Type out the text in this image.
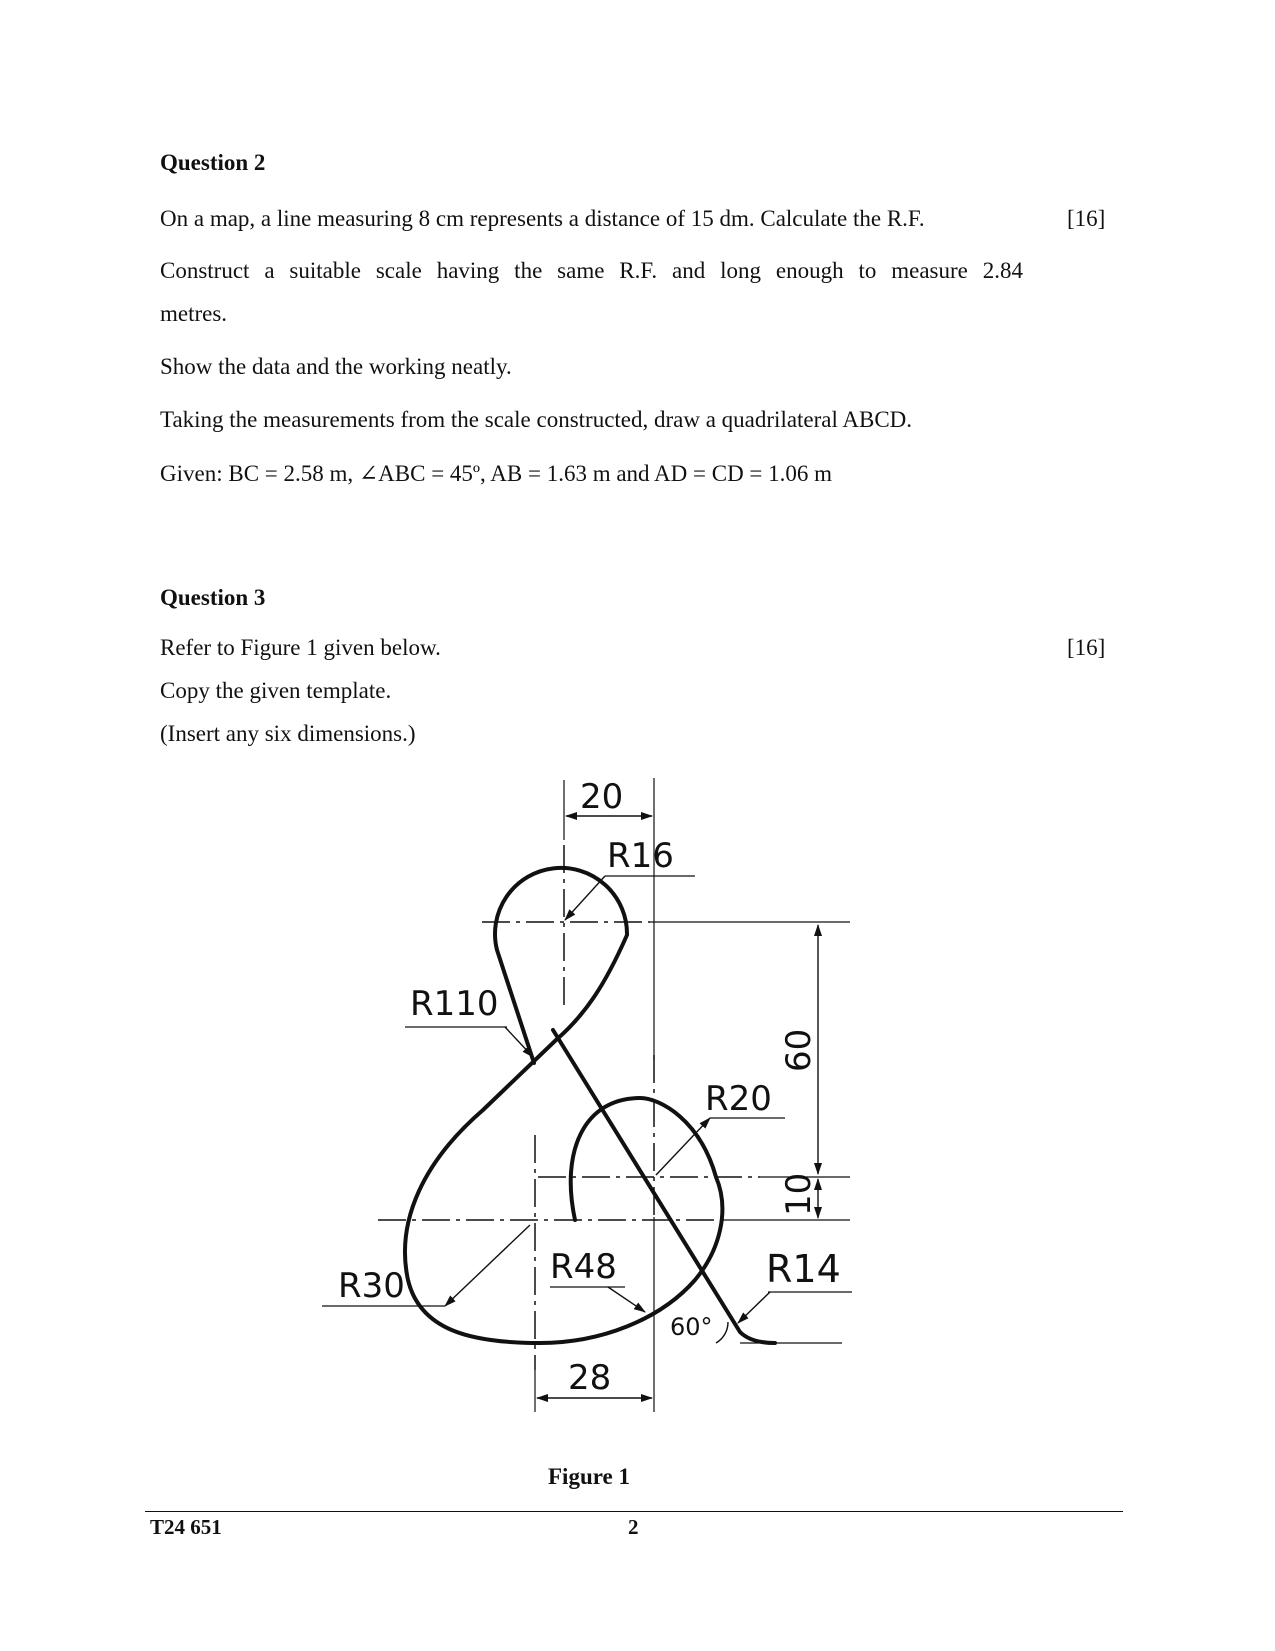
Question 2
On a map, a line measuring 8 cm represents a distance of 15 dm. Calculate the R.F.	[16]
Construct a suitable scale having the same R.F. and long enough to measure 2.84
metres.
Show the data and the working neatly.
Taking the measurements from the scale constructed, draw a quadrilateral ABCD.
Given: BC = 2.58 m, ∠ABC = 45º, AB = 1.63 m and AD = CD = 1.06 m
Question 3
Refer to Figure 1 given below.	[16]
Copy the given template.
(Insert any six dimensions.)
20
R16
R110
60
R20
10
R48	R14
R30
60°
28
Figure 1
T24 651	2
